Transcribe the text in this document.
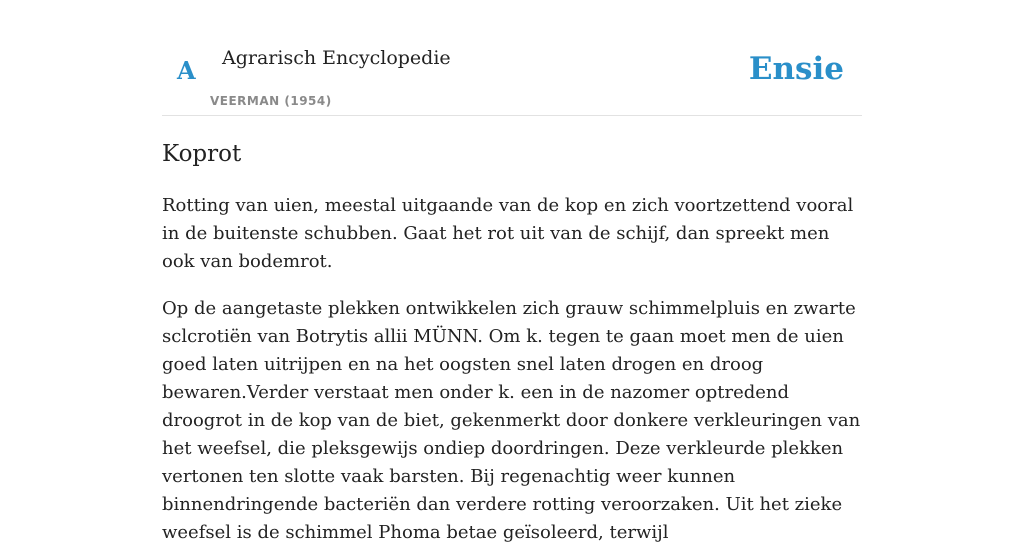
A Agrarisch Encyclopedie
VEERMAN (1954)
Ensie
Koprot

Rotting van uien, meestal uitgaande van de kop en zich voortzettend vooral in de buitenste schubben. Gaat het rot uit van de schijf, dan spreekt men ook van bodemrot.

Op de aangetaste plekken ontwikkelen zich grauw schimmelpluis en zwarte sclcrotiën van Botrytis allii MÜNN. Om k. tegen te gaan moet men de uien goed laten uitrijpen en na het oogsten snel laten drogen en droog bewaren.Verder verstaat men onder k. een in de nazomer optredend droogrot in de kop van de biet, gekenmerkt door donkere verkleuringen van het weefsel, die pleksgewijs ondiep doordringen. Deze verkleurde plekken vertonen ten slotte vaak barsten. Bij regenachtig weer kunnen binnendringende bacteriën dan verdere rotting veroorzaken. Uit het zieke weefsel is de schimmel Phoma betae geïsoleerd, terwijl
